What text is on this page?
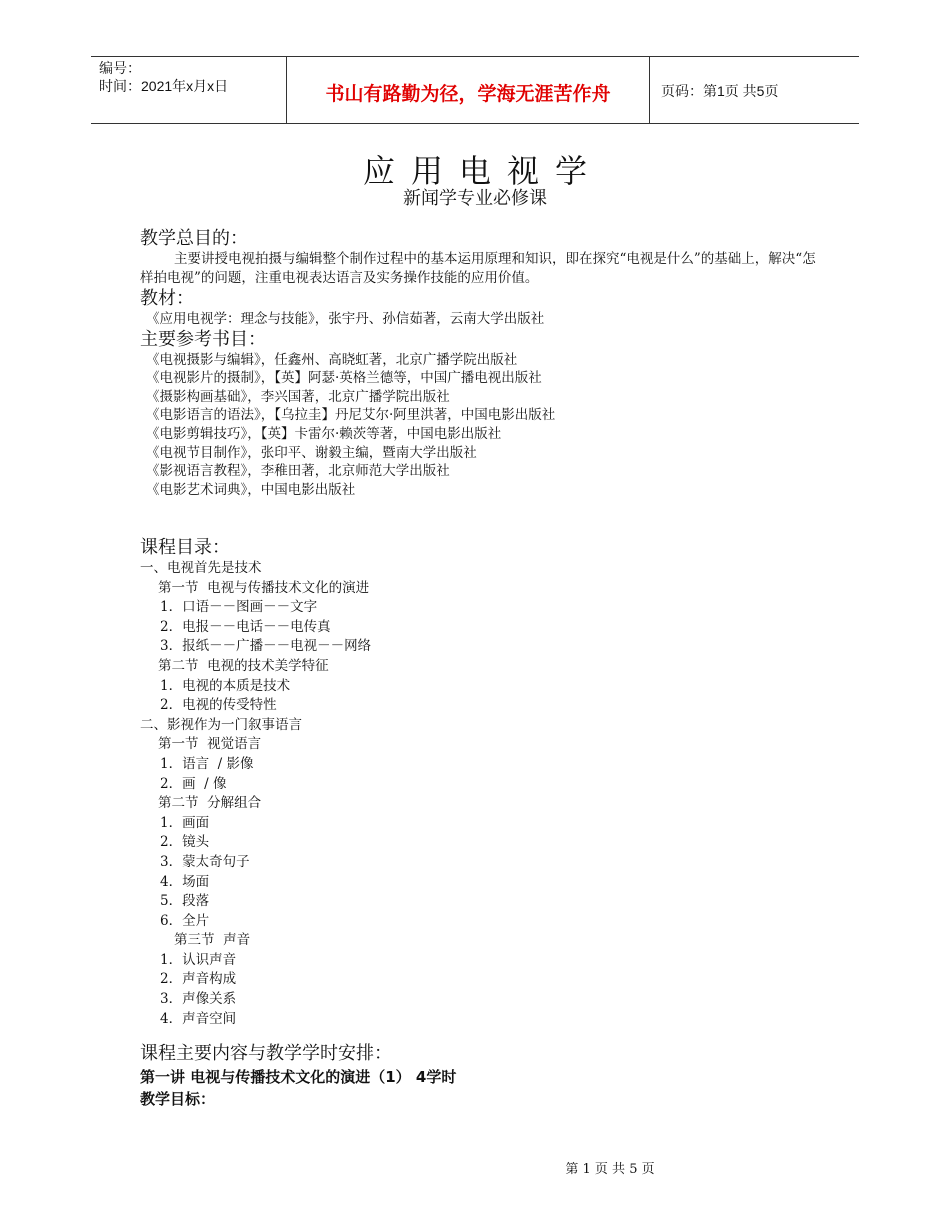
编号：
时间：2021年x月x日	书山有路勤为径，学海无涯苦作舟	页码：第1页 共5页
应用电视学
新闻学专业必修课

教学总目的：

主要讲授电视拍摄与编辑整个制作过程中的基本运用原理和知识，即在探究“电视是什么”的基础上，解决“怎样拍电视”的问题，注重电视表达语言及实务操作技能的应用价值。

教材：

《应用电视学：理念与技能》，张宇丹、孙信茹著，云南大学出版社

主要参考书目：

《电视摄影与编辑》，任鑫州、高晓虹著，北京广播学院出版社

《电视影片的摄制》，【英】阿瑟·英格兰德等，中国广播电视出版社

《摄影构画基础》，李兴国著，北京广播学院出版社

《电影语言的语法》，【乌拉圭】丹尼艾尔·阿里洪著，中国电影出版社

《电影剪辑技巧》，【英】卡雷尔·赖茨等著，中国电影出版社

《电视节目制作》，张印平、谢毅主编，暨南大学出版社

《影视语言教程》，李稚田著，北京师范大学出版社

《电影艺术词典》，中国电影出版社

课程目录：

一、电视首先是技术

第一节  电视与传播技术文化的演进

1．口语－－图画－－文字

2．电报－－电话－－电传真

3．报纸－－广播－－电视－－网络

第二节  电视的技术美学特征

1．电视的本质是技术

2．电视的传受特性

二、影视作为一门叙事语言

第一节  视觉语言

1．语言  / 影像

2．画  / 像

第二节  分解组合

1．画面

2．镜头

3．蒙太奇句子

4．场面

5．段落

6．全片

第三节  声音

1．认识声音

2．声音构成

3．声像关系

4．声音空间

课程主要内容与教学学时安排：

第一讲 电视与传播技术文化的演进（1） 4学时

教学目标：

第 1 页 共 5 页
